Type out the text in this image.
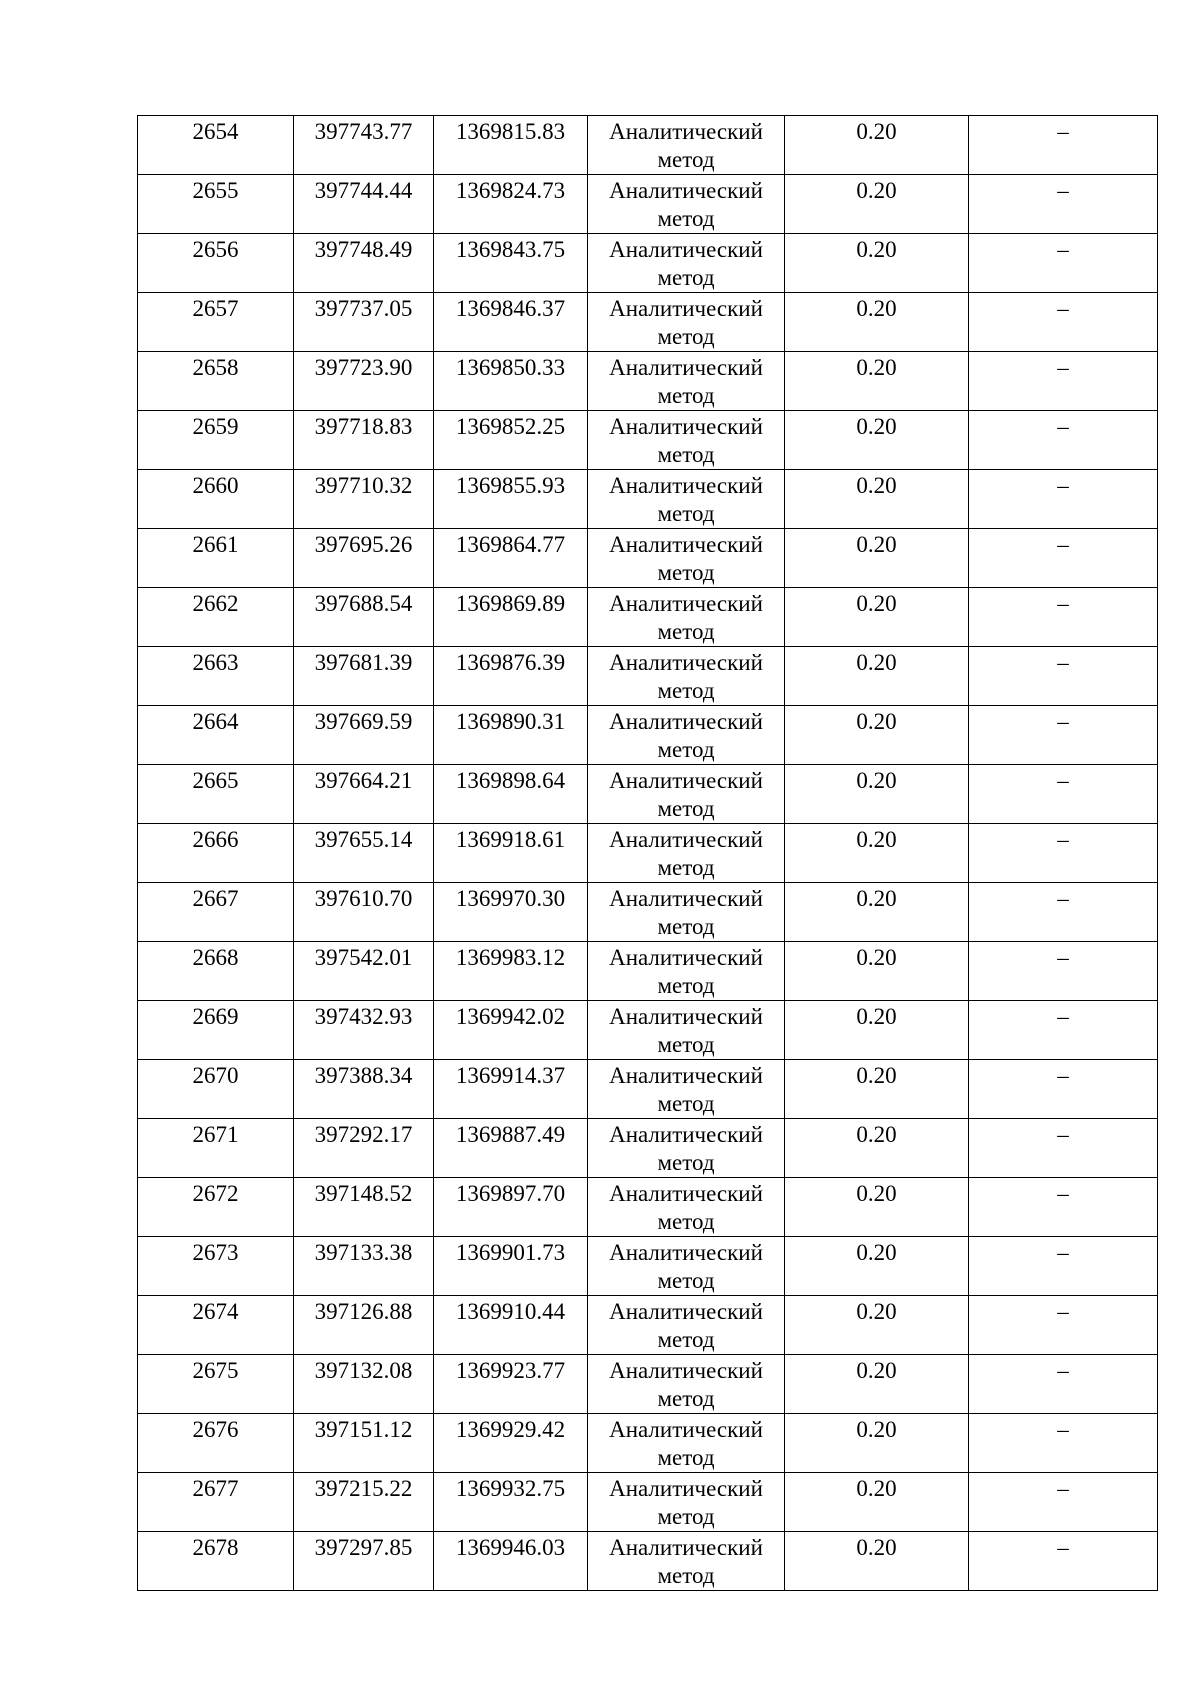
2654	397743.77	1369815.83	Аналитический метод	0.20	–
2655	397744.44	1369824.73	Аналитический метод	0.20	–
2656	397748.49	1369843.75	Аналитический метод	0.20	–
2657	397737.05	1369846.37	Аналитический метод	0.20	–
2658	397723.90	1369850.33	Аналитический метод	0.20	–
2659	397718.83	1369852.25	Аналитический метод	0.20	–
2660	397710.32	1369855.93	Аналитический метод	0.20	–
2661	397695.26	1369864.77	Аналитический метод	0.20	–
2662	397688.54	1369869.89	Аналитический метод	0.20	–
2663	397681.39	1369876.39	Аналитический метод	0.20	–
2664	397669.59	1369890.31	Аналитический метод	0.20	–
2665	397664.21	1369898.64	Аналитический метод	0.20	–
2666	397655.14	1369918.61	Аналитический метод	0.20	–
2667	397610.70	1369970.30	Аналитический метод	0.20	–
2668	397542.01	1369983.12	Аналитический метод	0.20	–
2669	397432.93	1369942.02	Аналитический метод	0.20	–
2670	397388.34	1369914.37	Аналитический метод	0.20	–
2671	397292.17	1369887.49	Аналитический метод	0.20	–
2672	397148.52	1369897.70	Аналитический метод	0.20	–
2673	397133.38	1369901.73	Аналитический метод	0.20	–
2674	397126.88	1369910.44	Аналитический метод	0.20	–
2675	397132.08	1369923.77	Аналитический метод	0.20	–
2676	397151.12	1369929.42	Аналитический метод	0.20	–
2677	397215.22	1369932.75	Аналитический метод	0.20	–
2678	397297.85	1369946.03	Аналитический метод	0.20	–
